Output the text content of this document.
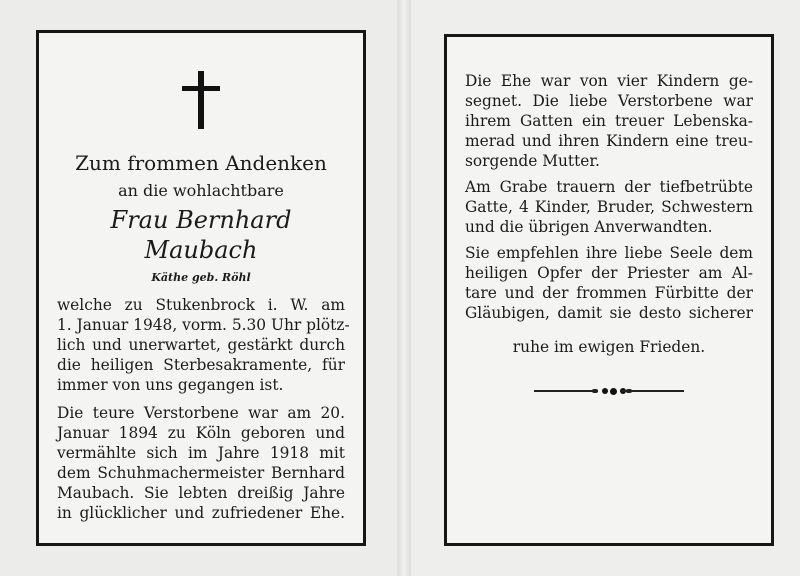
Zum frommen Andenken

an die wohlachtbare

Frau Bernhard Maubach

Käthe geb. Röhl

welche zu Stukenbrock i. W. am
1. Januar 1948, vorm. 5.30 Uhr plötz-
lich und unerwartet, gestärkt durch
die heiligen Sterbesakramente, für
immer von uns gegangen ist.
Die teure Verstorbene war am 20.
Januar 1894 zu Köln geboren und
vermählte sich im Jahre 1918 mit
dem Schuhmachermeister Bernhard
Maubach. Sie lebten dreißig Jahre
in glücklicher und zufriedener Ehe.
Die Ehe war von vier Kindern ge-
segnet. Die liebe Verstorbene war
ihrem Gatten ein treuer Lebenska-
merad und ihren Kindern eine treu-
sorgende Mutter.
Am Grabe trauern der tiefbetrübte
Gatte, 4 Kinder, Bruder, Schwestern
und die übrigen Anverwandten.
Sie empfehlen ihre liebe Seele dem
heiligen Opfer der Priester am Al-
tare und der frommen Fürbitte der
Gläubigen, damit sie desto sicherer
ruhe im ewigen Frieden.
